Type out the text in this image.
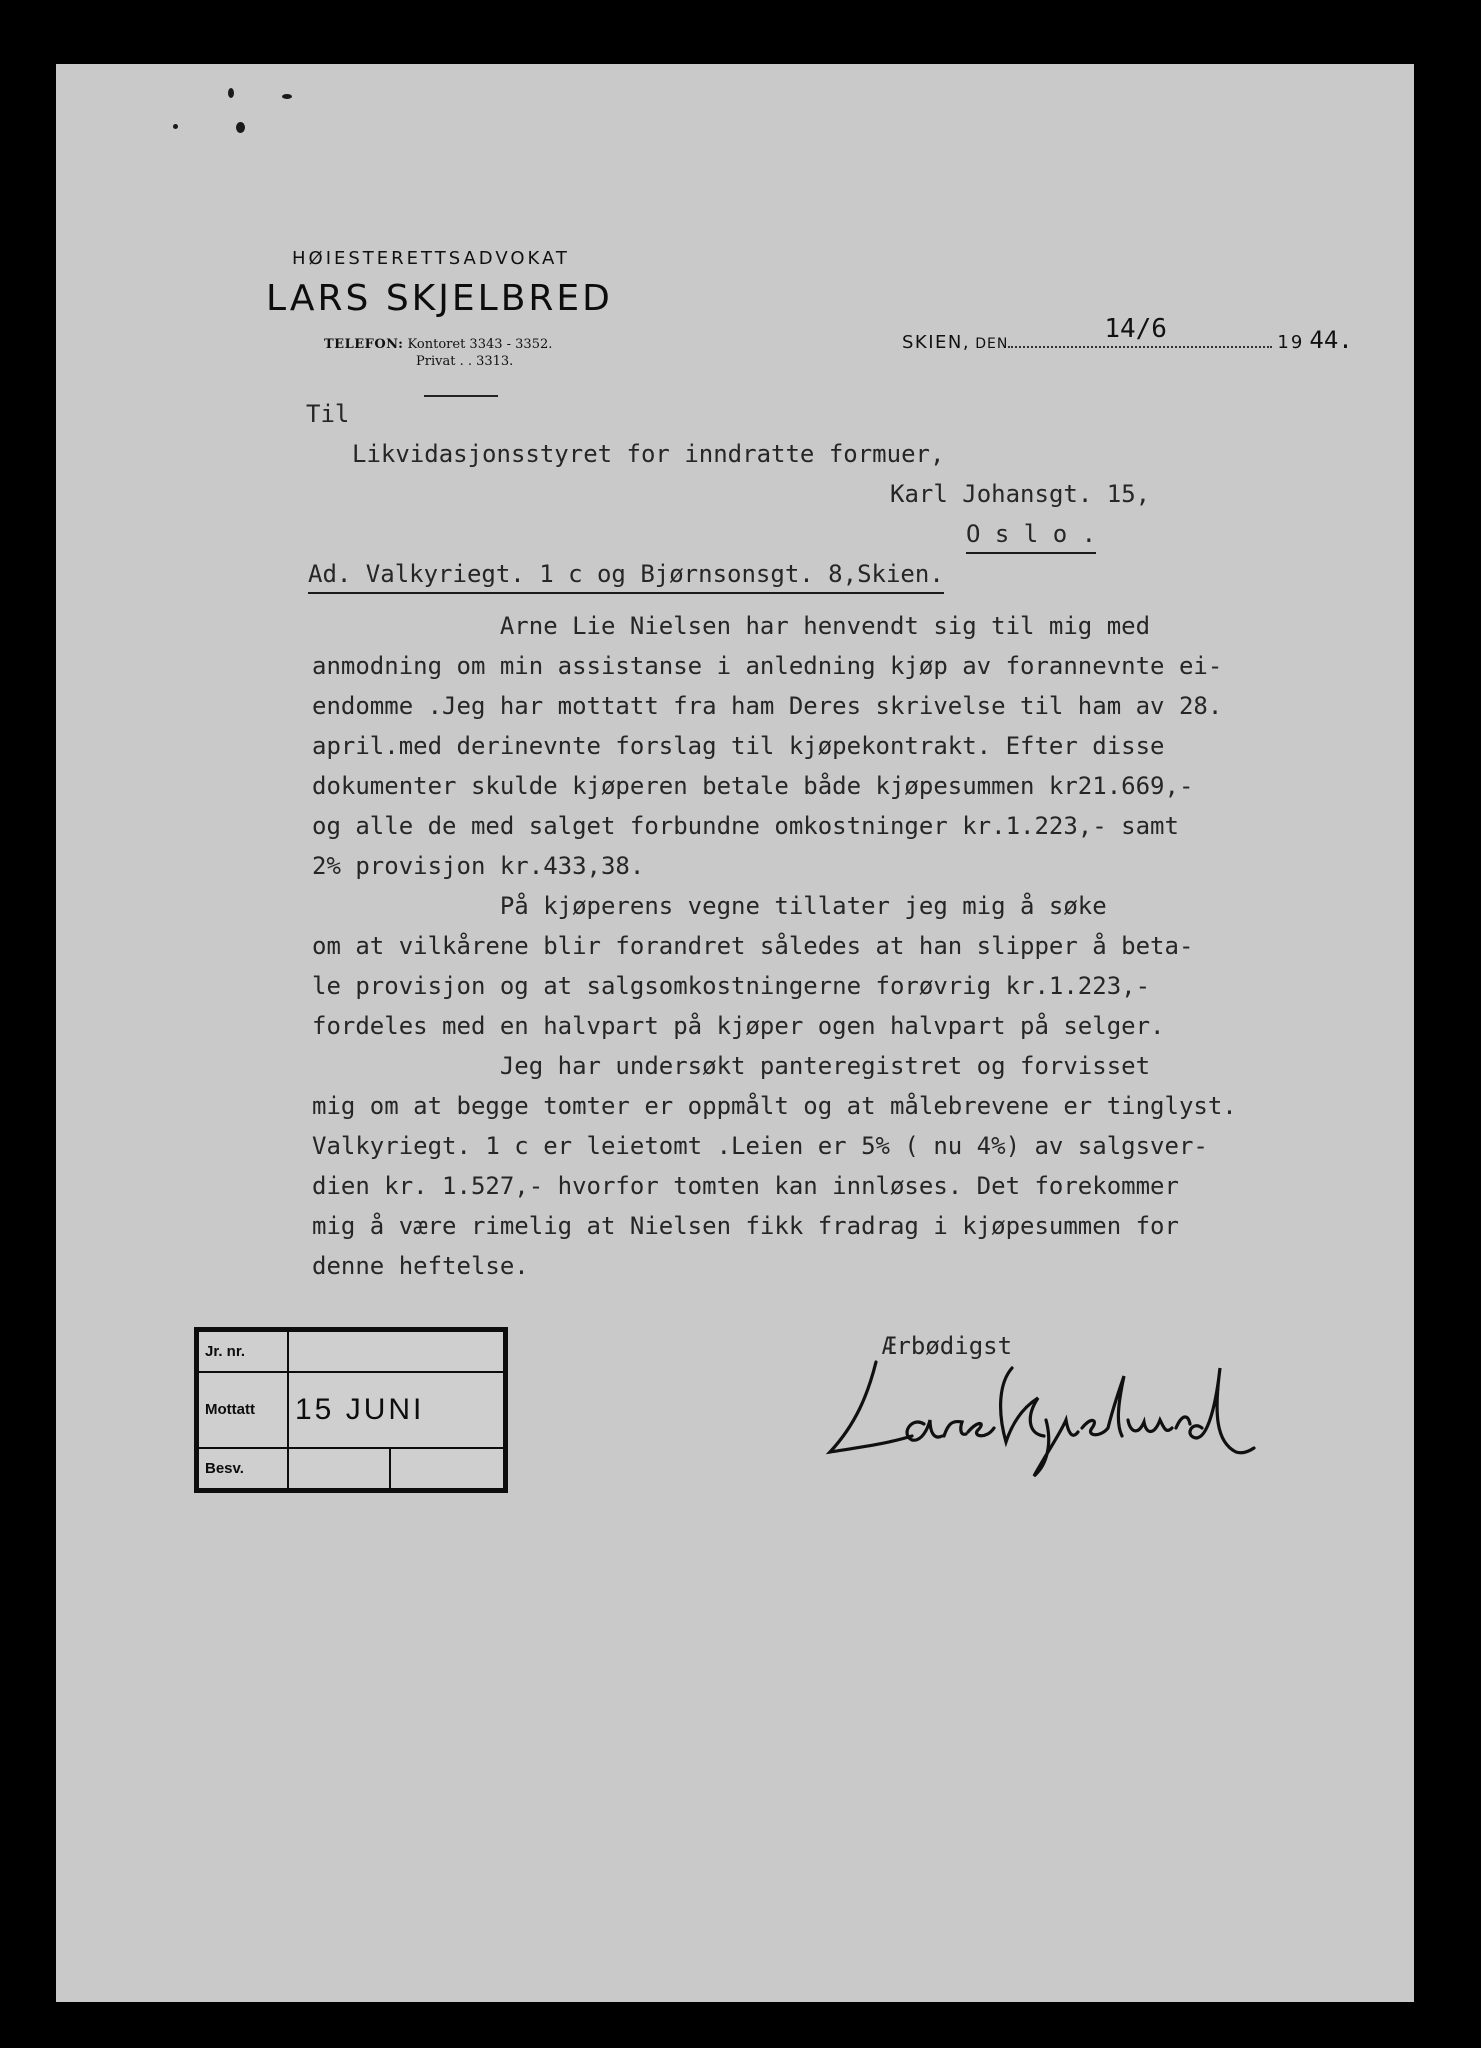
HØIESTERETTSADVOKAT
LARS SKJELBRED
TELEFON: Kontoret 3343 - 3352.
Privat . . 3313.
SKIEN, DEN	14/6	19 44.
Til
Likvidasjonsstyret for inndratte formuer,
Karl Johansgt. 15,
O s l o .
Ad. Valkyriegt. 1 c og Bjørnsonsgt. 8,Skien.
Arne Lie Nielsen har henvendt sig til mig med
anmodning om min assistanse i anledning kjøp av forannevnte ei-
endomme .Jeg har mottatt fra ham Deres skrivelse til ham av 28.
april.med derinevnte forslag til kjøpekontrakt. Efter disse
dokumenter skulde kjøperen betale både kjøpesummen kr21.669,-
og alle de med salget forbundne omkostninger kr.1.223,- samt
2% provisjon kr.433,38.
På kjøperens vegne tillater jeg mig å søke
om at vilkårene blir forandret således at han slipper å beta-
le provisjon og at salgsomkostningerne forøvrig kr.1.223,-
fordeles med en halvpart på kjøper ogen halvpart på selger.
Jeg har undersøkt panteregistret og forvisset
mig om at begge tomter er oppmålt og at målebrevene er tinglyst.
Valkyriegt. 1 c er leietomt .Leien er 5% ( nu 4%) av salgsver-
dien kr. 1.527,- hvorfor tomten kan innløses. Det forekommer
mig å være rimelig at Nielsen fikk fradrag i kjøpesummen for
denne heftelse.
Ærbødigst
Jr. nr.	
Mottatt	15 JUNI
Besv.	
